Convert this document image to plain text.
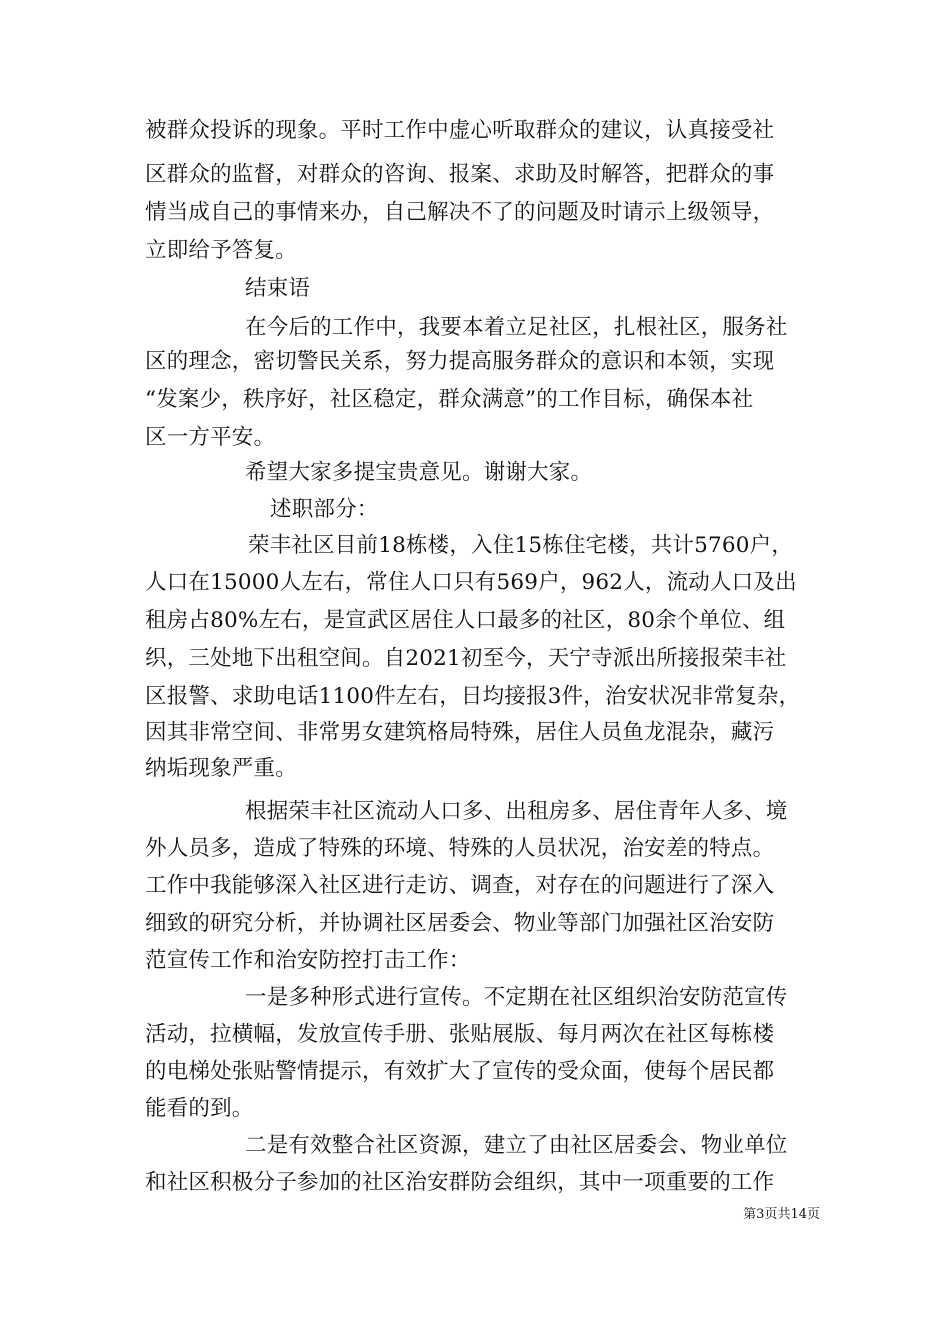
被群众投诉的现象。平时工作中虚心听取群众的建议，认真接受社
区群众的监督，对群众的咨询、报案、求助及时解答，把群众的事
情当成自己的事情来办，自己解决不了的问题及时请示上级领导，
立即给予答复。
结束语
在今后的工作中，我要本着立足社区，扎根社区，服务社
区的理念，密切警民关系，努力提高服务群众的意识和本领，实现
“发案少，秩序好，社区稳定，群众满意”的工作目标，确保本社
区一方平安。
希望大家多提宝贵意见。谢谢大家。
述职部分：
荣丰社区目前18栋楼，入住15栋住宅楼，共计5760户，
人口在15000人左右，常住人口只有569户，962人，流动人口及出
租房占80%左右，是宣武区居住人口最多的社区，80余个单位、组
织，三处地下出租空间。自2021初至今，天宁寺派出所接报荣丰社
区报警、求助电话1100件左右，日均接报3件，治安状况非常复杂，
因其非常空间、非常男女建筑格局特殊，居住人员鱼龙混杂，藏污
纳垢现象严重。
根据荣丰社区流动人口多、出租房多、居住青年人多、境
外人员多，造成了特殊的环境、特殊的人员状况，治安差的特点。
工作中我能够深入社区进行走访、调查，对存在的问题进行了深入
细致的研究分析，并协调社区居委会、物业等部门加强社区治安防
范宣传工作和治安防控打击工作：
一是多种形式进行宣传。不定期在社区组织治安防范宣传
活动，拉横幅，发放宣传手册、张贴展版、每月两次在社区每栋楼
的电梯处张贴警情提示，有效扩大了宣传的受众面，使每个居民都
能看的到。
二是有效整合社区资源，建立了由社区居委会、物业单位
和社区积极分子参加的社区治安群防会组织，其中一项重要的工作
第3页共14页
